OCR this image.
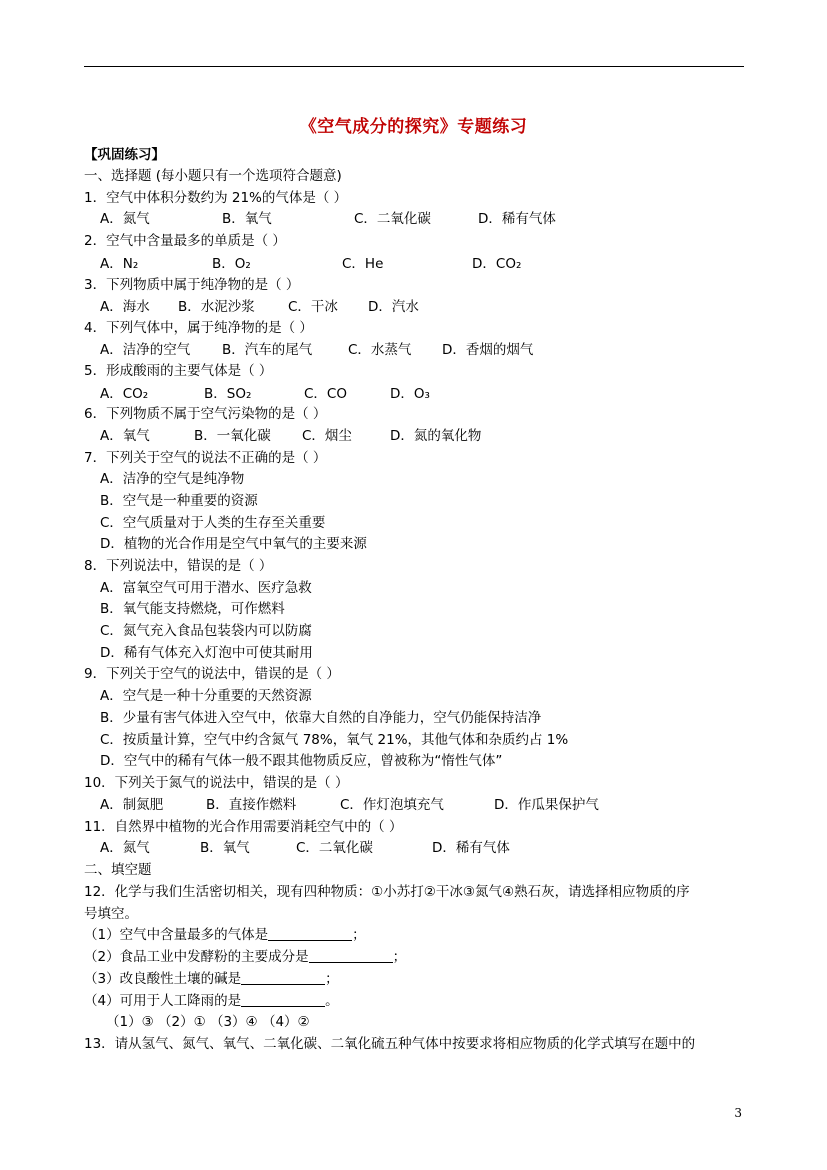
《空气成分的探究》专题练习
【巩固练习】
一、选择题 (每小题只有一个选项符合题意)
1．空气中体积分数约为 21%的气体是（ ）
A．氮气	B．氧气	C．二氧化碳	D．稀有气体
2．空气中含量最多的单质是（ ）
A．N₂	B．O₂	C．He	D．CO₂
3．下列物质中属于纯净物的是（ ）
A．海水 B．水泥沙浆 C．干冰 D．汽水
4．下列气体中，属于纯净物的是（ ）
A．洁净的空气 B．汽车的尾气	C．水蒸气 D．香烟的烟气
5．形成酸雨的主要气体是（ ）
A．CO₂	B．SO₂	C．CO	D．O₃
6．下列物质不属于空气污染物的是（ ）
A．氧气	B．一氧化碳 C．烟尘	D．氮的氧化物
7．下列关于空气的说法不正确的是（ ）
A．洁净的空气是纯净物
B．空气是一种重要的资源
C．空气质量对于人类的生存至关重要
D．植物的光合作用是空气中氧气的主要来源
8．下列说法中，错误的是（ ）
A．富氧空气可用于潜水、医疗急救
B．氧气能支持燃烧，可作燃料
C．氮气充入食品包装袋内可以防腐
D．稀有气体充入灯泡中可使其耐用
9．下列关于空气的说法中，错误的是（ ）
A．空气是一种十分重要的天然资源
B．少量有害气体进入空气中，依靠大自然的自净能力，空气仍能保持洁净
C．按质量计算，空气中约含氮气 78%，氧气 21%，其他气体和杂质约占 1%
D．空气中的稀有气体一般不跟其他物质反应，曾被称为“惰性气体”
10．下列关于氮气的说法中，错误的是（ ）
A．制氮肥	B．直接作燃料	C．作灯泡填充气	D．作瓜果保护气
11．自然界中植物的光合作用需要消耗空气中的（ ）
A．氮气	B．氧气	C．二氧化碳	D．稀有气体
二、填空题
12．化学与我们生活密切相关，现有四种物质：①小苏打②干冰③氮气④熟石灰，请选择相应物质的序
号填空。
（1）空气中含量最多的气体是	；
（2）食品工业中发酵粉的主要成分是	；
（3）改良酸性土壤的碱是	；
（4）可用于人工降雨的是	。
（1）③ （2）① （3）④ （4）②
13．请从氢气、氮气、氧气、二氧化碳、二氧化硫五种气体中按要求将相应物质的化学式填写在题中的
3
